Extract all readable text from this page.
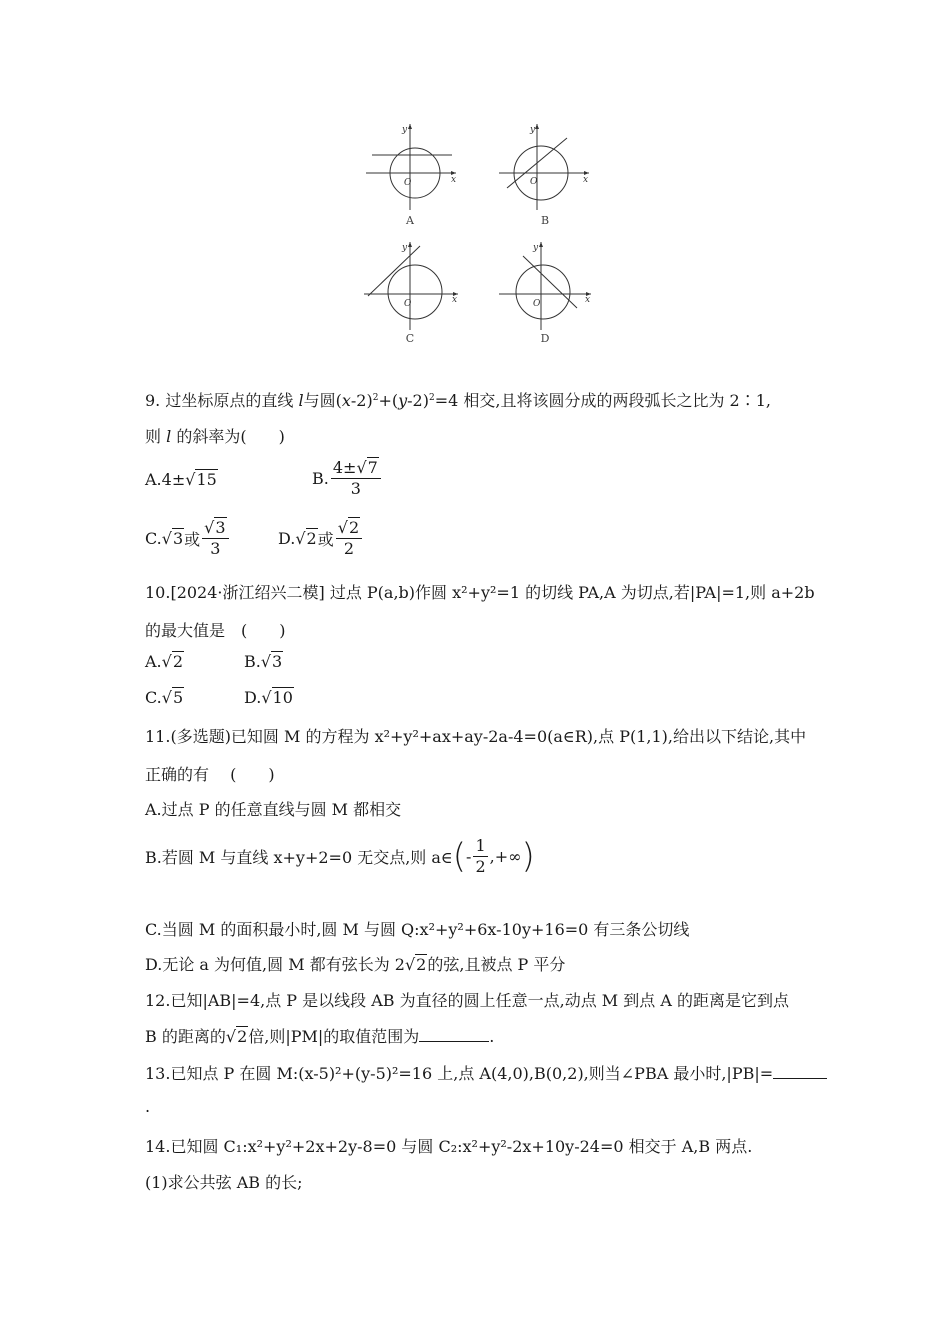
O	x
y
A
O	x
y
B
O	x
y
C
O	x
y
D
9. 过坐标原点的直线 l与圆$(x-2)^2+(y-2)^2=4$ 相交,且将该圆分成的两段弧长之比为 2∶1,
则 l 的斜率为(　　)
A.4±√15	B. $\frac{4\pm√7}{3}$
C.√3或 $\frac{√3}{3}$	D.√2或 $\frac{√2}{2}$
10.[2024·浙江绍兴二模] 过点 P(a,b)作圆 x²+y²=1 的切线 PA,A 为切点,若|PA|=1,则 a+2b
的最大值是　(　　)
A.√2	B.√3
C.√5	D.√10
11.(多选题)已知圆 M 的方程为 x²+y²+ax+ay-2a-4=0(a∈R),点 P(1,1),给出以下结论,其中
正确的有　 (　　)
A.过点 P 的任意直线与圆 M 都相交
B.若圆 M 与直线 x+y+2=0 无交点,则 a∈(- $\frac{1}{2}$ ,+∞)
C.当圆 M 的面积最小时,圆 M 与圆 Q:x²+y²+6x-10y+16=0 有三条公切线
D.无论 a 为何值,圆 M 都有弦长为 2√2的弦,且被点 P 平分
12.已知|AB|=4,点 P 是以线段 AB 为直径的圆上任意一点,动点 M 到点 A 的距离是它到点
B 的距离的√2倍,则|PM|的取值范围为	.
13.已知点 P 在圆 M:(x-5)²+(y-5)²=16 上,点 A(4,0),B(0,2),则当∠PBA 最小时,|PB|=
.
14.已知圆 C₁:x²+y²+2x+2y-8=0 与圆 C₂:x²+y²-2x+10y-24=0 相交于 A,B 两点.
(1)求公共弦 AB 的长;
